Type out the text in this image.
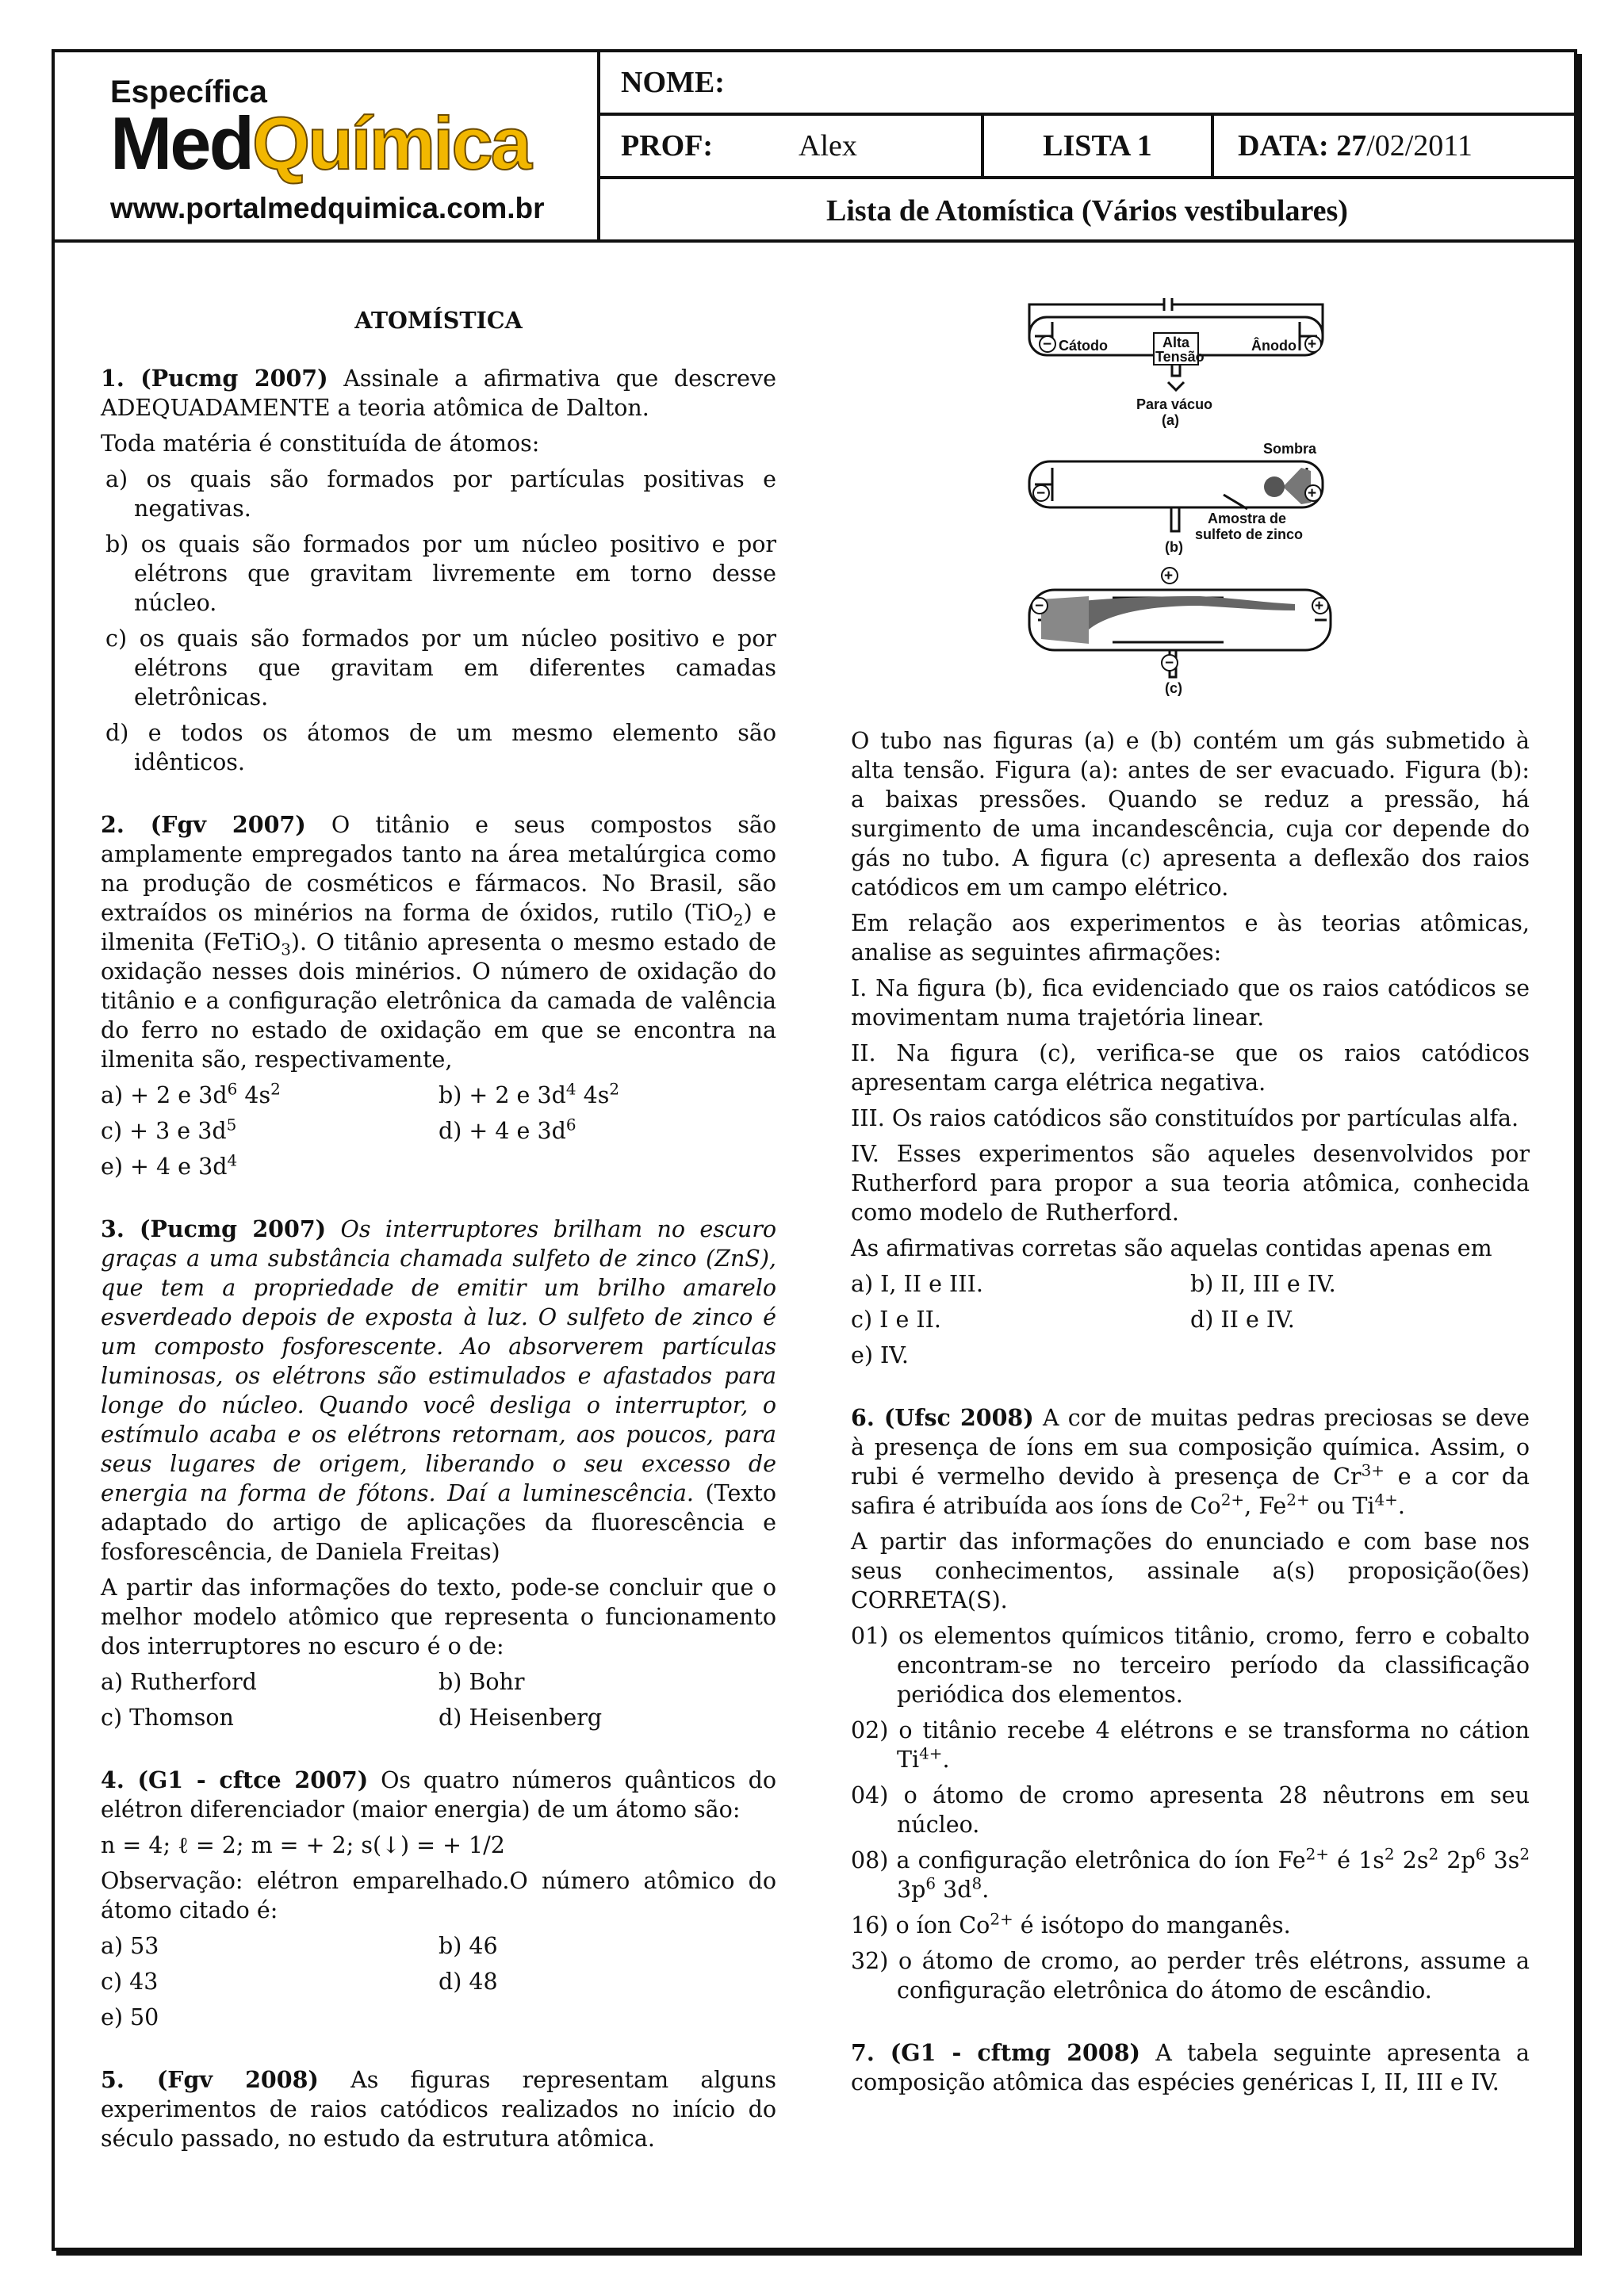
Específica
MedQuímica
www.portalmedquimica.com.br
NOME:
PROF:	Alex	LISTA 1	DATA:
27 /02/2011
Lista de Atomística (Vários vestibulares)

ATOMÍSTICA

1. (Pucmg 2007) Assinale a afirmativa que descreve ADEQUADAMENTE a teoria atômica de Dalton.

Toda matéria é constituída de átomos:

a) os quais são formados por partículas positivas e negativas.

b) os quais são formados por um núcleo positivo e por elétrons que gravitam livremente em torno desse núcleo.

c) os quais são formados por um núcleo positivo e por elétrons que gravitam em diferentes camadas eletrônicas.

d) e todos os átomos de um mesmo elemento são idênticos.

2. (Fgv 2007) O titânio e seus compostos são amplamente empregados tanto na área metalúrgica como na produção de cosméticos e fármacos. No Brasil, são extraídos os minérios na forma de óxidos, rutilo (TiO$_2$) e ilmenita (FeTiO$_3$). O titânio apresenta o mesmo estado de oxidação nesses dois minérios. O número de oxidação do titânio e a configuração eletrônica da camada de valência do ferro no estado de oxidação em que se encontra na ilmenita são, respectivamente,

a) + 2 e $3d^6$ $4s^2$	b) + 2 e $3d^4$ $4s^2$

c) + 3 e $3d^5$	d) + 4 e $3d^6$

e) + 4 e $3d^4$

3. (Pucmg 2007) Os interruptores brilham no escuro graças a uma substância chamada sulfeto de zinco (ZnS), que tem a propriedade de emitir um brilho amarelo esverdeado depois de exposta à luz. O sulfeto de zinco é um composto fosforescente. Ao absorverem partículas luminosas, os elétrons são estimulados e afastados para longe do núcleo. Quando você desliga o interruptor, o estímulo acaba e os elétrons retornam, aos poucos, para seus lugares de origem, liberando o seu excesso de energia na forma de fótons. Daí a luminescência. (Texto adaptado do artigo de aplicações da fluorescência e fosforescência, de Daniela Freitas)

A partir das informações do texto, pode-se concluir que o melhor modelo atômico que representa o funcionamento dos interruptores no escuro é o de:

a) Rutherford	b) Bohr

c) Thomson	d) Heisenberg

4. (G1 - cftce 2007) Os quatro números quânticos do elétron diferenciador (maior energia) de um átomo são:

n = 4; ℓ = 2; m = + 2; s(↓) = + 1/2

Observação: elétron emparelhado.O número atômico do átomo citado é:

a) 53	b) 46

c) 43	d) 48

e) 50

5. (Fgv 2008) As figuras representam alguns experimentos de raios catódicos realizados no início do século passado, no estudo da estrutura atômica.

−	+
−	+
−	+
+
−
Cátodo	Alta
Tensão
Ânodo
Para vácuo
(a)
Sombra
Amostra de
sulfeto de zinco
(b)
(c)

O tubo nas figuras (a) e (b) contém um gás submetido à alta tensão. Figura (a): antes de ser evacuado. Figura (b): a baixas pressões. Quando se reduz a pressão, há surgimento de uma incandescência, cuja cor depende do gás no tubo. A figura (c) apresenta a deflexão dos raios catódicos em um campo elétrico.

Em relação aos experimentos e às teorias atômicas, analise as seguintes afirmações:

I. Na figura (b), fica evidenciado que os raios catódicos se movimentam numa trajetória linear.

II. Na figura (c), verifica-se que os raios catódicos apresentam carga elétrica negativa.

III. Os raios catódicos são constituídos por partículas alfa.

IV. Esses experimentos são aqueles desenvolvidos por Rutherford para propor a sua teoria atômica, conhecida como modelo de Rutherford.

As afirmativas corretas são aquelas contidas apenas em

a) I, II e III.	b) II, III e IV.

c) I e II.	d) II e IV.

e) IV.

6. (Ufsc 2008) A cor de muitas pedras preciosas se deve à presença de íons em sua composição química. Assim, o rubi é vermelho devido à presença de $Cr^{3+}$ e a cor da safira é atribuída aos íons de $Co^{2+}$, $Fe^{2+}$ ou $Ti^{4+}$.

A partir das informações do enunciado e com base nos seus conhecimentos, assinale a(s) proposição(ões) CORRETA(S).

01) os elementos químicos titânio, cromo, ferro e cobalto encontram-se no terceiro período da classificação periódica dos elementos.

02) o titânio recebe 4 elétrons e se transforma no cátion $Ti^{4+}$.

04) o átomo de cromo apresenta 28 nêutrons em seu núcleo.

08) a configuração eletrônica do íon $Fe^{2+}$ é $1s^2$ $2s^2$ $2p^6$ $3s^2$ $3p^6$ $3d^8$.

16) o íon $Co^{2+}$ é isótopo do manganês.

32) o átomo de cromo, ao perder três elétrons, assume a configuração eletrônica do átomo de escândio.

7. (G1 - cftmg 2008) A tabela seguinte apresenta a composição atômica das espécies genéricas I, II, III e IV.
